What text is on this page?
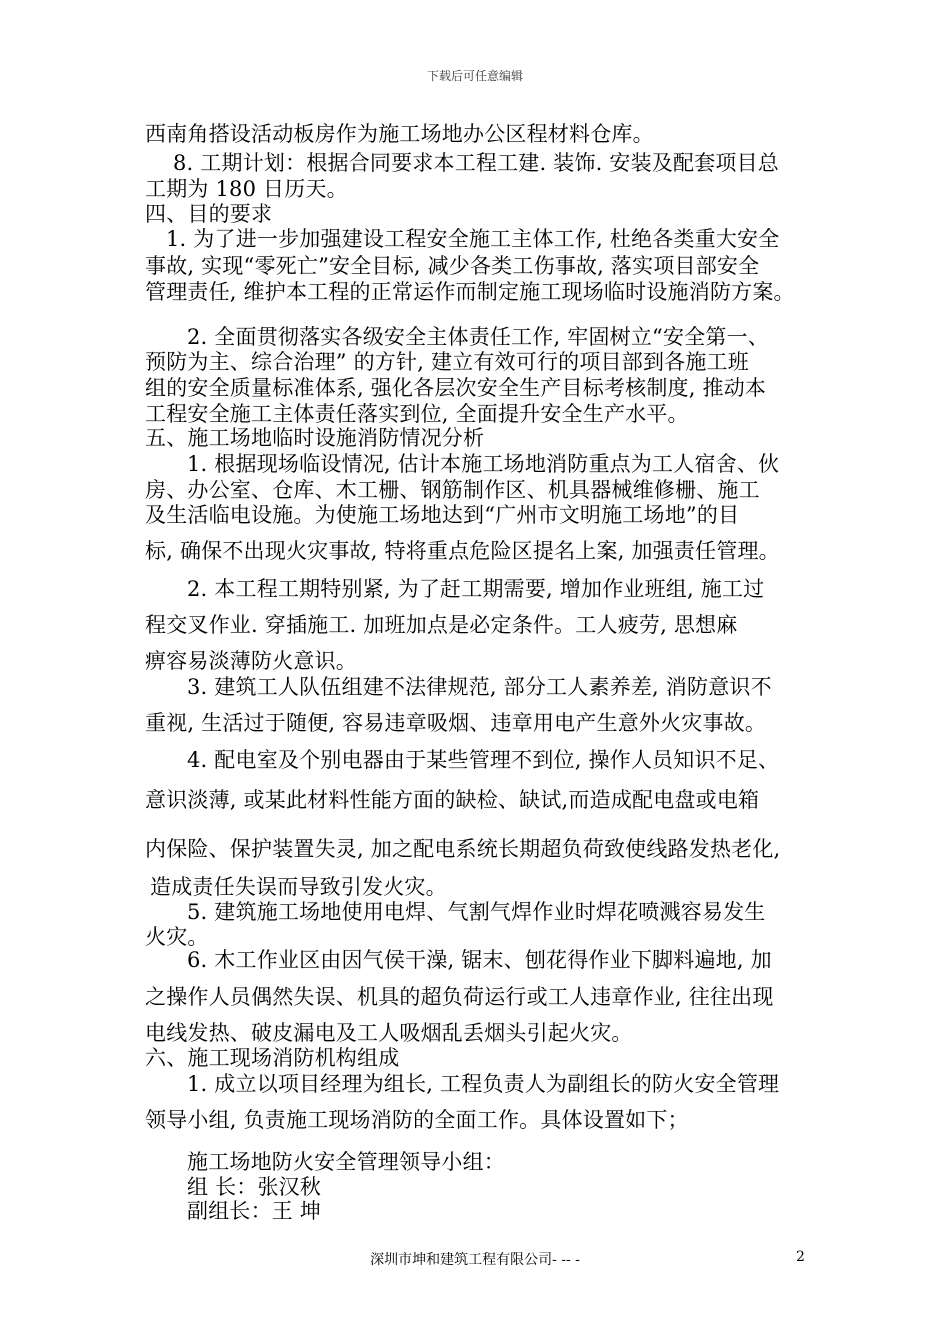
下载后可任意编辑
西南角搭设活动板房作为施工场地办公区程材料仓库。
8. 工期计划：根据合同要求本工程工建. 装饰. 安装及配套项目总
工期为 180 日历天。
四、目的要求
1. 为了进一步加强建设工程安全施工主体工作, 杜绝各类重大安全
事故, 实现“零死亡”安全目标, 减少各类工伤事故, 落实项目部安全
管理责任, 维护本工程的正常运作而制定施工现场临时设施消防方案。
2. 全面贯彻落实各级安全主体责任工作, 牢固树立“安全第一、
预防为主、综合治理” 的方针, 建立有效可行的项目部到各施工班
组的安全质量标准体系, 强化各层次安全生产目标考核制度, 推动本
工程安全施工主体责任落实到位, 全面提升安全生产水平。
五、施工场地临时设施消防情况分析
1. 根据现场临设情况, 估计本施工场地消防重点为工人宿舍、伙
房、办公室、仓库、木工栅、钢筋制作区、机具器械维修栅、施工
及生活临电设施。为使施工场地达到“广州市文明施工场地”的目
标, 确保不出现火灾事故, 特将重点危险区提名上案, 加强责任管理。
2. 本工程工期特别紧, 为了赶工期需要, 增加作业班组, 施工过
程交叉作业. 穿插施工. 加班加点是必定条件。工人疲劳, 思想麻
痹容易淡薄防火意识。
3. 建筑工人队伍组建不法律规范, 部分工人素养差, 消防意识不
重视, 生活过于随便, 容易违章吸烟、违章用电产生意外火灾事故。
4. 配电室及个别电器由于某些管理不到位, 操作人员知识不足、
意识淡薄, 或某此材料性能方面的缺检、缺试,而造成配电盘或电箱
内保险、保护装置失灵, 加之配电系统长期超负荷致使线路发热老化,
造成责任失误而导致引发火灾。
5. 建筑施工场地使用电焊、气割气焊作业时焊花喷溅容易发生
火灾。
6. 木工作业区由因气侯干澡, 锯末、刨花得作业下脚料遍地, 加
之操作人员偶然失误、机具的超负荷运行或工人违章作业, 往往出现
电线发热、破皮漏电及工人吸烟乱丢烟头引起火灾。
六、施工现场消防机构组成
1. 成立以项目经理为组长, 工程负责人为副组长的防火安全管理
领导小组, 负责施工现场消防的全面工作。具体设置如下；
施工场地防火安全管理领导小组：
组 长：张汉秋
副组长：王 坤
深圳市坤和建筑工程有限公司- -- -	2
